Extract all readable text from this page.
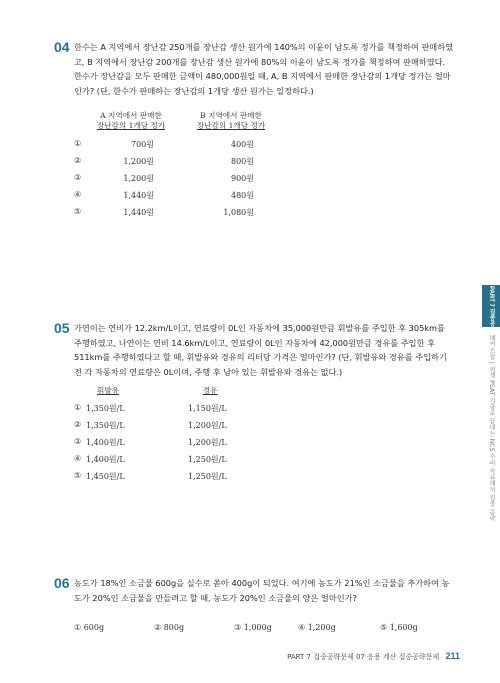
04 한수는 A 지역에서 장난감 250개를 장난감 생산 원가에 140%의 이윤이 남도록 정가를 책정하여 판매하였고, B 지역에서 장난감 200개를 장난감 생산 원가에 80%의 이윤이 남도록 정가를 책정하여 판매하였다. 한수가 장난감을 모두 판매한 금액이 480,000원일 때, A, B 지역에서 판매한 장난감의 1개당 정가는 얼마인가? (단, 한수가 판매하는 장난감의 1개당 생산 원가는 일정하다.)
A 지역에서 판매한
장난감의 1개당 정가
B 지역에서 판매한
장난감의 1개당 정가
①	700원	400원
②	1,200원	800원
③	1,200원	900원
④	1,440원	480원
⑤	1,440원	1,080원
05 가연이는 연비가 12.2km/L이고, 연료량이 0L인 자동차에 35,000원만큼 휘발유를 주입한 후 305km를 주행하였고, 나연이는 연비 14.6km/L이고, 연료량이 0L인 자동차에 42,000원만큼 경유를 주입한 후 511km를 주행하였다고 할 때, 휘발유와 경유의 리터당 가격은 얼마인가? (단, 휘발유와 경유를 주입하기 전 각 자동차의 연료량은 0L이며, 주행 후 남아 있는 휘발유와 경유는 없다.)
휘발유	경유
① 1,350원/L	1,150원/L
② 1,350원/L	1,200원/L
③ 1,400원/L	1,200원/L
④ 1,400원/L	1,250원/L
⑤ 1,450원/L	1,250원/L
06 농도가 18%인 소금물 600g을 실수로 쏟아 400g이 되었다. 여기에 농도가 21%인 소금물을 추가하여 농도가 20%인 소금물을 만들려고 할 때, 농도가 20%인 소금물의 양은 얼마인가?
① 600g	② 800g	③ 1,000g	④ 1,200g	⑤ 1,600g
PART 7 집중공략문제
해커스잡 | 피셋 PSAT 기출로 끝내는 NCS 수리·자료해석 집중 공략
PART 7 집중공략문제 07 응용 계산 집중공략문제 211
